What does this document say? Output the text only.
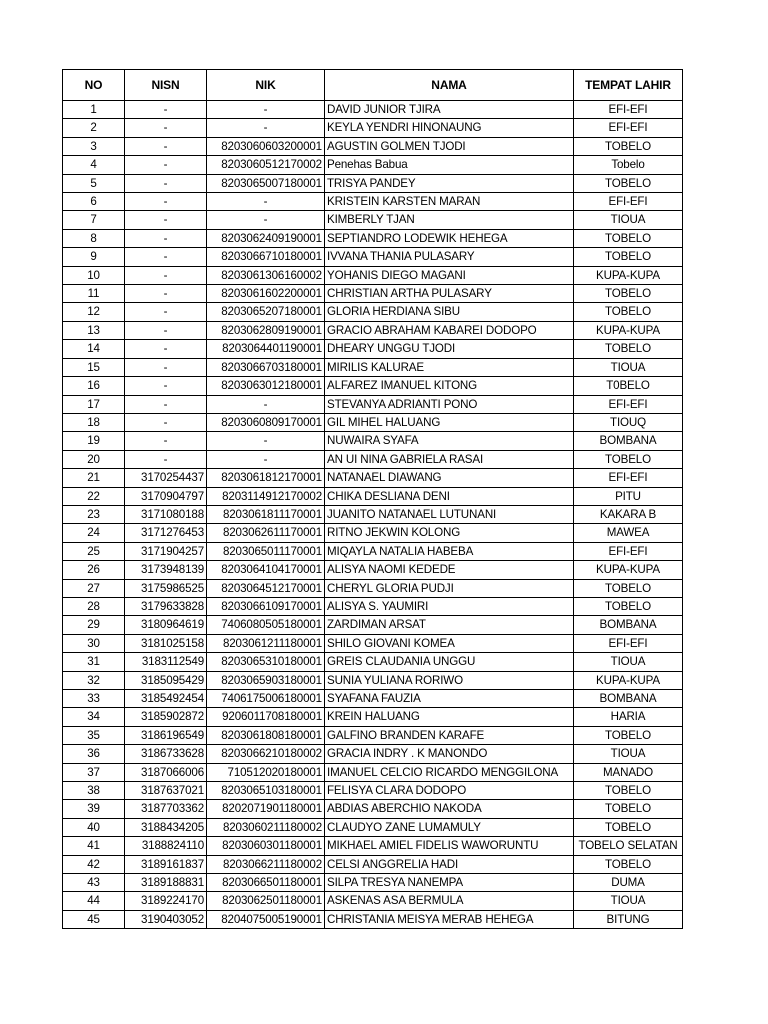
NO	NISN	NIK	NAMA	TEMPAT LAHIR
1	-	-	DAVID JUNIOR TJIRA	EFI-EFI
2	-	-	KEYLA YENDRI HINONAUNG	EFI-EFI
3	-	8203060603200001	AGUSTIN GOLMEN TJODI	TOBELO
4	-	8203060512170002	Penehas Babua	Tobelo
5	-	8203065007180001	TRISYA PANDEY	TOBELO
6	-	-	KRISTEIN KARSTEN MARAN	EFI-EFI
7	-	-	KIMBERLY TJAN	TIOUA
8	-	8203062409190001	SEPTIANDRO LODEWIK HEHEGA	TOBELO
9	-	8203066710180001	IVVANA THANIA PULASARY	TOBELO
10	-	8203061306160002	YOHANIS DIEGO MAGANI	KUPA-KUPA
11	-	8203061602200001	CHRISTIAN ARTHA PULASARY	TOBELO
12	-	8203065207180001	GLORIA HERDIANA SIBU	TOBELO
13	-	8203062809190001	GRACIO ABRAHAM KABAREI DODOPO	KUPA-KUPA
14	-	8203064401190001	DHEARY UNGGU TJODI	TOBELO
15	-	8203066703180001	MIRILIS KALURAE	TIOUA
16	-	8203063012180001	ALFAREZ IMANUEL KITONG	T0BELO
17	-	-	STEVANYA ADRIANTI PONO	EFI-EFI
18	-	8203060809170001	GIL MIHEL HALUANG	TIOUQ
19	-	-	NUWAIRA SYAFA	BOMBANA
20	-	-	AN UI NINA GABRIELA RASAI	TOBELO
21	3170254437	8203061812170001	NATANAEL DIAWANG	EFI-EFI
22	3170904797	8203114912170002	CHIKA DESLIANA DENI	PITU
23	3171080188	8203061811170001	JUANITO NATANAEL LUTUNANI	KAKARA B
24	3171276453	8203062611170001	RITNO JEKWIN KOLONG	MAWEA
25	3171904257	8203065011170001	MIQAYLA NATALIA HABEBA	EFI-EFI
26	3173948139	8203064104170001	ALISYA NAOMI KEDEDE	KUPA-KUPA
27	3175986525	8203064512170001	CHERYL GLORIA PUDJI	TOBELO
28	3179633828	8203066109170001	ALISYA S. YAUMIRI	TOBELO
29	3180964619	7406080505180001	ZARDIMAN ARSAT	BOMBANA
30	3181025158	8203061211180001	SHILO GIOVANI KOMEA	EFI-EFI
31	3183112549	8203065310180001	GREIS CLAUDANIA UNGGU	TIOUA
32	3185095429	8203065903180001	SUNIA YULIANA RORIWO	KUPA-KUPA
33	3185492454	7406175006180001	SYAFANA FAUZIA	BOMBANA
34	3185902872	920601170818000​1	KREIN HALUANG	HARIA
35	3186196549	8203061808180001	GALFINO BRANDEN KARAFE	TOBELO
36	3186733628	8203066210180002	GRACIA INDRY . K MANONDO	TIOUA
37	3187066006	710512020180001	IMANUEL CELCIO RICARDO MENGGILONA	MANADO
38	3187637021	8203065103180001	FELISYA CLARA DODOPO	TOBELO
39	3187703362	8202071901180001	ABDIAS ABERCHIO NAKODA	TOBELO
40	3188434205	8203060211180002	CLAUDYO ZANE LUMAMULY	TOBELO
41	3188824110	8203060301180001	MIKHAEL AMIEL FIDELIS WAWORUNTU	TOBELO SELATAN
42	3189161837	8203066211180002	CELSI ANGGRELIA HADI	TOBELO
43	3189188831	8203066501180001	SILPA TRESYA NANEMPA	DUMA
44	3189224170	8203062501180001	ASKENAS ASA BERMULA	TIOUA
45	3190403052	8204075005190001	CHRISTANIA MEISYA MERAB HEHEGA	BITUNG
